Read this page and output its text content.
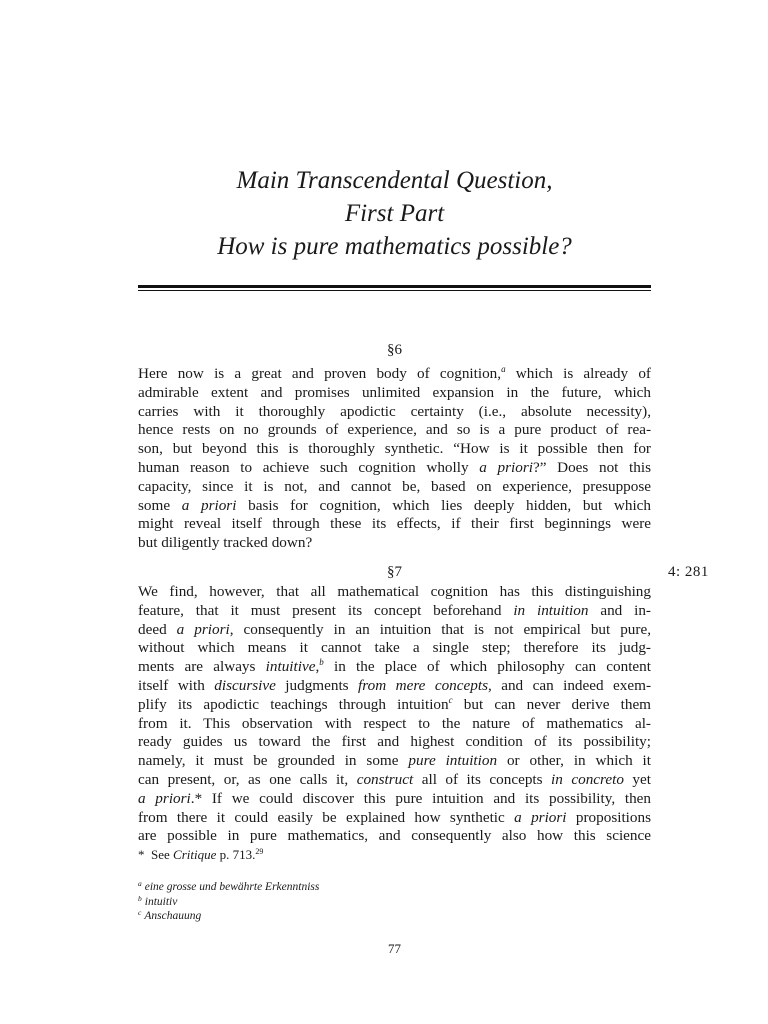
Main Transcendental Question,
First Part
How is pure mathematics possible?
§6
Here now is a great and proven body of cognition,$^a$ which is already of
admirable extent and promises unlimited expansion in the future, which
carries with it thoroughly apodictic certainty (i.e., absolute necessity),
hence rests on no grounds of experience, and so is a pure product of rea-
son, but beyond this is thoroughly synthetic. “How is it possible then for
human reason to achieve such cognition wholly a priori?” Does not this
capacity, since it is not, and cannot be, based on experience, presuppose
some a priori basis for cognition, which lies deeply hidden, but which
might reveal itself through these its effects, if their first beginnings were
but diligently tracked down?
§7	4: 281
We find, however, that all mathematical cognition has this distinguishing
feature, that it must present its concept beforehand in intuition and in-
deed a priori, consequently in an intuition that is not empirical but pure,
without which means it cannot take a single step; therefore its judg-
ments are always intuitive,$^b$ in the place of which philosophy can content
itself with discursive judgments from mere concepts, and can indeed exem-
plify its apodictic teachings through intuition$^c$ but can never derive them
from it. This observation with respect to the nature of mathematics al-
ready guides us toward the first and highest condition of its possibility;
namely, it must be grounded in some pure intuition or other, in which it
can present, or, as one calls it, construct all of its concepts in concreto yet
a priori.* If we could discover this pure intuition and its possibility, then
from there it could easily be explained how synthetic a priori propositions
are possible in pure mathematics, and consequently also how this science
* See Critique p. 713.29
$^a$ eine grosse und bewährte Erkenntniss
$^b$ intuitiv
$^c$ Anschauung
77
